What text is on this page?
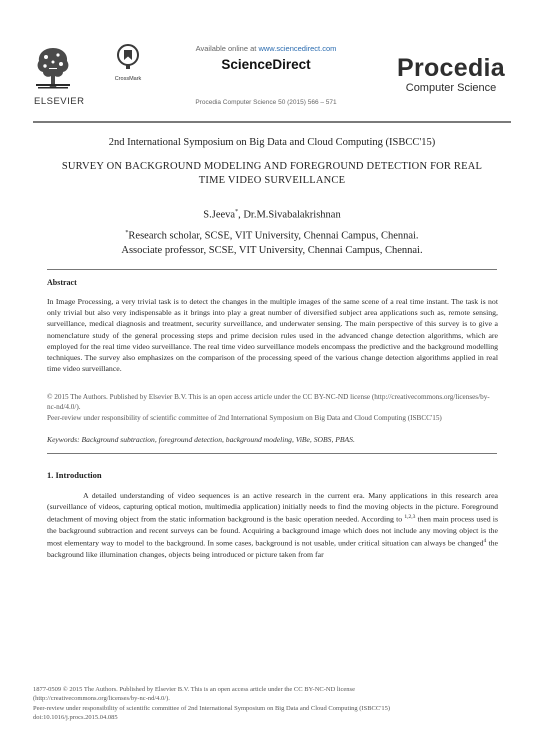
ELSEVIER
CrossMark
Available online at www.sciencedirect.com
ScienceDirect
Procedia Computer Science 50 (2015) 566 – 571
Procedia
Computer Science
2nd International Symposium on Big Data and Cloud Computing (ISBCC'15)
SURVEY ON BACKGROUND MODELING AND FOREGROUND DETECTION FOR REAL TIME VIDEO SURVEILLANCE
S.Jeeva*, Dr.M.Sivabalakrishnan
*Research scholar, SCSE, VIT University, Chennai Campus, Chennai.
Associate professor, SCSE, VIT University, Chennai Campus, Chennai.
Abstract
In Image Processing, a very trivial task is to detect the changes in the multiple images of the same scene of a real time instant. The task is not only trivial but also very indispensable as it brings into play a great number of diversified subject area applications such as, remote sensing, surveillance, medical diagnosis and treatment, security surveillance, and underwater sensing. The main perspective of this survey is to give a nomenclature study of the general processing steps and prime decision rules used in the advanced change detection algorithms, which are employed for the real time video surveillance. The real time video surveillance models encompass the predictive and the background modelling techniques. The survey also emphasizes on the comparison of the processing speed of the various change detection algorithms applied in real time video surveillance.
© 2015 The Authors. Published by Elsevier B.V. This is an open access article under the CC BY-NC-ND license (http://creativecommons.org/licenses/by-nc-nd/4.0/).
Peer-review under responsibility of scientific committee of 2nd International Symposium on Big Data and Cloud Computing (ISBCC'15)
Keywords: Background subtraction, foreground detection, background modeling, ViBe, SOBS, PBAS.
1. Introduction
A detailed understanding of video sequences is an active research in the current era. Many applications in this research area (surveillance of videos, capturing optical motion, multimedia application) initially needs to find the moving objects in the picture. Foreground detachment of moving object from the static information background is the basic operation needed. According to $^{1,2,3}$ then main process used is the background subtraction and recent surveys can be found. Acquiring a background image which does not include any moving object is the most elementary way to model to the background. In some cases, background is not usable, under critical situation can always be changed$^4$ the background like illumination changes, objects being introduced or picture taken from far
1877-0509 © 2015 The Authors. Published by Elsevier B.V. This is an open access article under the CC BY-NC-ND license
(http://creativecommons.org/licenses/by-nc-nd/4.0/).
Peer-review under responsibility of scientific committee of 2nd International Symposium on Big Data and Cloud Computing (ISBCC'15)
doi:10.1016/j.procs.2015.04.085
